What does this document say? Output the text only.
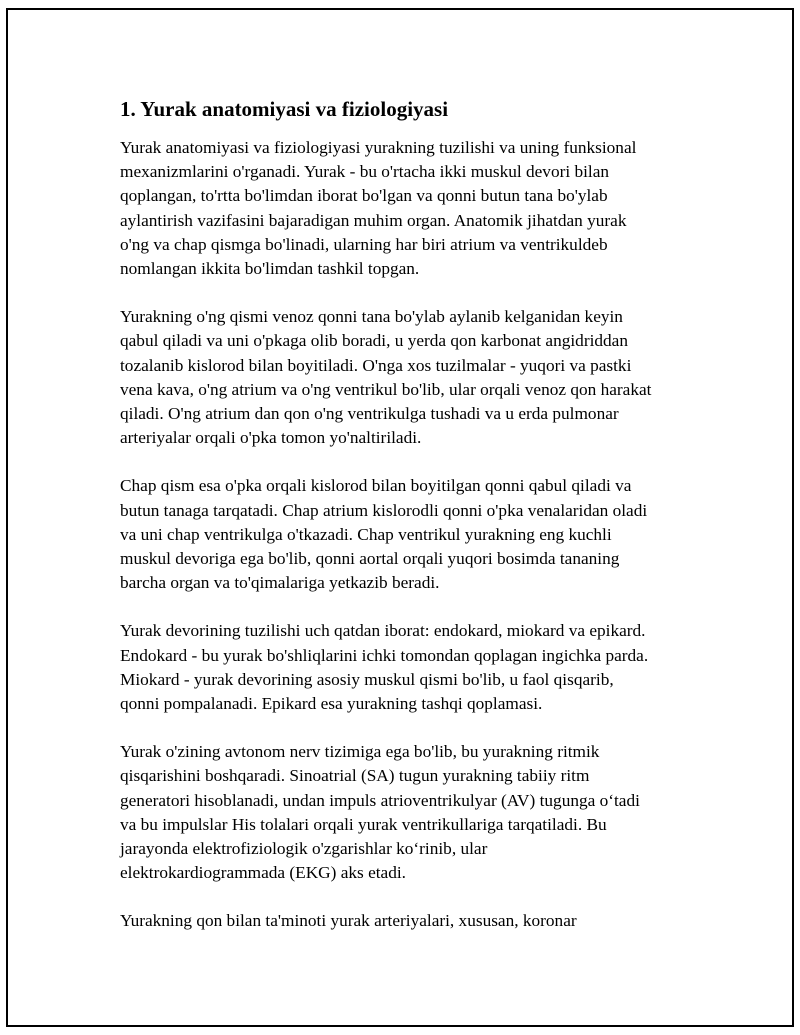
1. Yurak anatomiyasi va fiziologiyasi

Yurak anatomiyasi va fiziologiyasi yurakning tuzilishi va uning funksional
mexanizmlarini o'rganadi. Yurak - bu o'rtacha ikki muskul devori bilan
qoplangan, to'rtta bo'limdan iborat bo'lgan va qonni butun tana bo'ylab
aylantirish vazifasini bajaradigan muhim organ. Anatomik jihatdan yurak
o'ng va chap qismga bo'linadi, ularning har biri atrium va ventrikuldeb
nomlangan ikkita bo'limdan tashkil topgan.

Yurakning o'ng qismi venoz qonni tana bo'ylab aylanib kelganidan keyin
qabul qiladi va uni o'pkaga olib boradi, u yerda qon karbonat angidriddan
tozalanib kislorod bilan boyitiladi. O'nga xos tuzilmalar - yuqori va pastki
vena kava, o'ng atrium va o'ng ventrikul bo'lib, ular orqali venoz qon harakat
qiladi. O'ng atrium dan qon o'ng ventrikulga tushadi va u erda pulmonar
arteriyalar orqali o'pka tomon yo'naltiriladi.

Chap qism esa o'pka orqali kislorod bilan boyitilgan qonni qabul qiladi va
butun tanaga tarqatadi. Chap atrium kislorodli qonni o'pka venalaridan oladi
va uni chap ventrikulga o'tkazadi. Chap ventrikul yurakning eng kuchli
muskul devoriga ega bo'lib, qonni aortal orqali yuqori bosimda tananing
barcha organ va to'qimalariga yetkazib beradi.

Yurak devorining tuzilishi uch qatdan iborat: endokard, miokard va epikard.
Endokard - bu yurak bo'shliqlarini ichki tomondan qoplagan ingichka parda.
Miokard - yurak devorining asosiy muskul qismi bo'lib, u faol qisqarib,
qonni pompalanadi. Epikard esa yurakning tashqi qoplamasi.

Yurak o'zining avtonom nerv tizimiga ega bo'lib, bu yurakning ritmik
qisqarishini boshqaradi. Sinoatrial (SA) tugun yurakning tabiiy ritm
generatori hisoblanadi, undan impuls atrioventrikulyar (AV) tugunga o‘tadi
va bu impulslar His tolalari orqali yurak ventrikullariga tarqatiladi. Bu
jarayonda elektrofiziologik o'zgarishlar ko‘rinib, ular
elektrokardiogrammada (EKG) aks etadi.

Yurakning qon bilan ta'minoti yurak arteriyalari, xususan, koronar
